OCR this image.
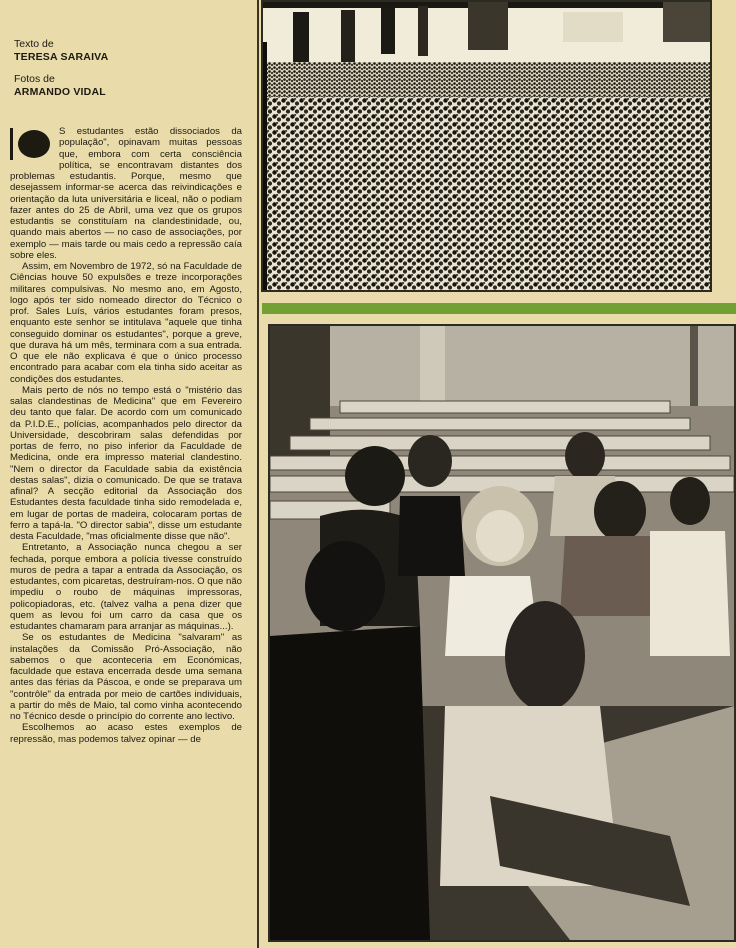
Texto de
TERESA SARAIVA
Fotos de
ARMANDO VIDAL

S estudantes estão dissociados da população", opinavam muitas pessoas que, embora com certa consciência política, se encontravam distantes dos problemas estudantis. Porque, mesmo que desejassem informar-se acerca das reivindicações e orientação da luta universitária e liceal, não o podiam fazer antes do 25 de Abril, uma vez que os grupos estudantis se constituíam na clandestinidade, ou, quando mais abertos — no caso de associações, por exemplo — mais tarde ou mais cedo a repressão caía sobre eles.

Assim, em Novembro de 1972, só na Faculdade de Ciências houve 50 expulsões e treze incorporações militares compulsivas. No mesmo ano, em Agosto, logo após ter sido nomeado director do Técnico o prof. Sales Luís, vários estudantes foram presos, enquanto este senhor se intitulava "aquele que tinha conseguido dominar os estudantes", porque a greve, que durava há um mês, terminara com a sua entrada. O que ele não explicava é que o único processo encontrado para acabar com ela tinha sido aceitar as condições dos estudantes.

Mais perto de nós no tempo está o "mistério das salas clandestinas de Medicina" que em Fevereiro deu tanto que falar. De acordo com um comunicado da P.I.D.E., polícias, acompanhados pelo director da Universidade, descobriram salas defendidas por portas de ferro, no piso inferior da Faculdade de Medicina, onde era impresso material clandestino. "Nem o director da Faculdade sabia da existência destas salas", dizia o comunicado. De que se tratava afinal? A secção editorial da Associação dos Estudantes desta faculdade tinha sido remodelada e, em lugar de portas de madeira, colocaram portas de ferro a tapá-la. "O director sabia", disse um estudante desta Faculdade, "mas oficialmente disse que não".

Entretanto, a Associação nunca chegou a ser fechada, porque embora a polícia tivesse construído muros de pedra a tapar a entrada da Associação, os estudantes, com picaretas, destruíram-nos. O que não impediu o roubo de máquinas impressoras, policopiadoras, etc. (talvez valha a pena dizer que quem as levou foi um carro da casa que os estudantes chamaram para arranjar as máquinas...).

Se os estudantes de Medicina "salvaram" as instalações da Comissão Pró-Associação, não sabemos o que aconteceria em Económicas, faculdade que estava encerrada desde uma semana antes das férias da Páscoa, e onde se preparava um "contrôle" da entrada por meio de cartões individuais, a partir do mês de Maio, tal como vinha acontecendo no Técnico desde o princípio do corrente ano lectivo.

Escolhemos ao acaso estes exemplos de repressão, mas podemos talvez opinar — de
